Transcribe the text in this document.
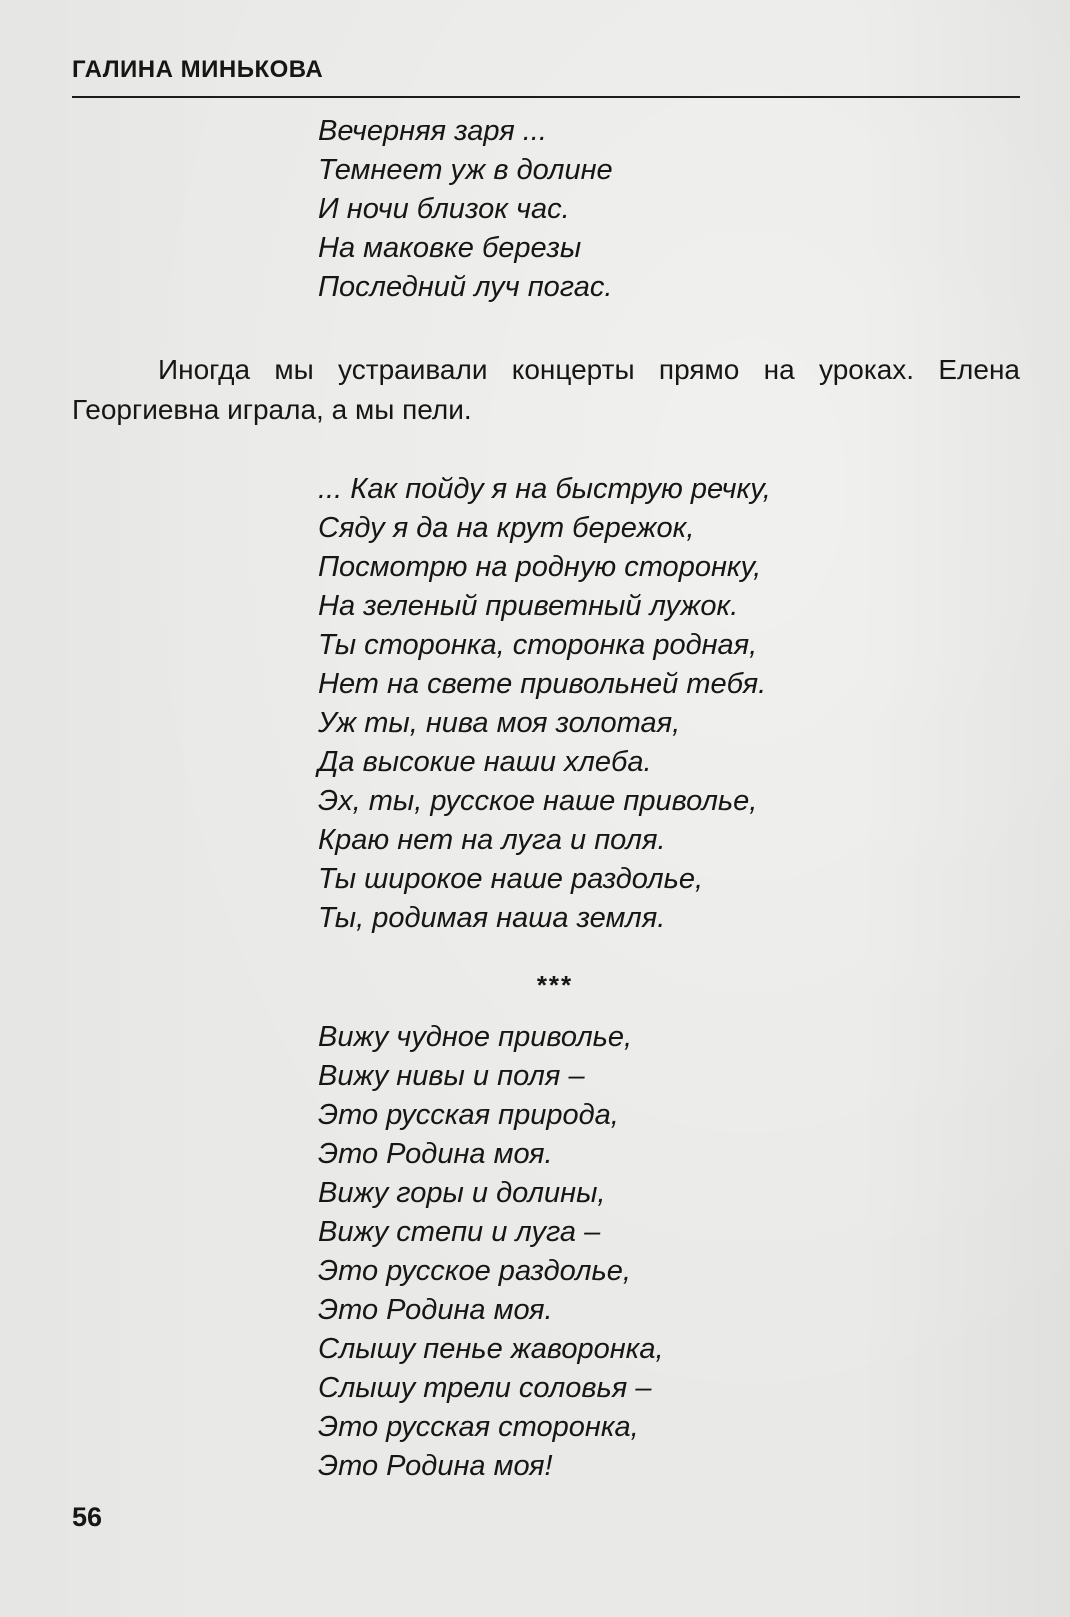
ГАЛИНА МИНЬКОВА
Вечерняя заря ...
Темнеет уж в долине
И ночи близок час.
На маковке березы
Последний луч погас.

Иногда мы устраивали концерты прямо на уроках. Елена Георгиевна играла, а мы пели.

... Как пойду я на быструю речку,
Сяду я да на крут бережок,
Посмотрю на родную сторонку,
На зеленый приветный лужок.
Ты сторонка, сторонка родная,
Нет на свете привольней тебя.
Уж ты, нива моя золотая,
Да высокие наши хлеба.
Эх, ты, русское наше приволье,
Краю нет на луга и поля.
Ты широкое наше раздолье,
Ты, родимая наша земля.
***
Вижу чудное приволье,
Вижу нивы и поля –
Это русская природа,
Это Родина моя.
Вижу горы и долины,
Вижу степи и луга –
Это русское раздолье,
Это Родина моя.
Слышу пенье жаворонка,
Слышу трели соловья –
Это русская сторонка,
Это Родина моя!
56
